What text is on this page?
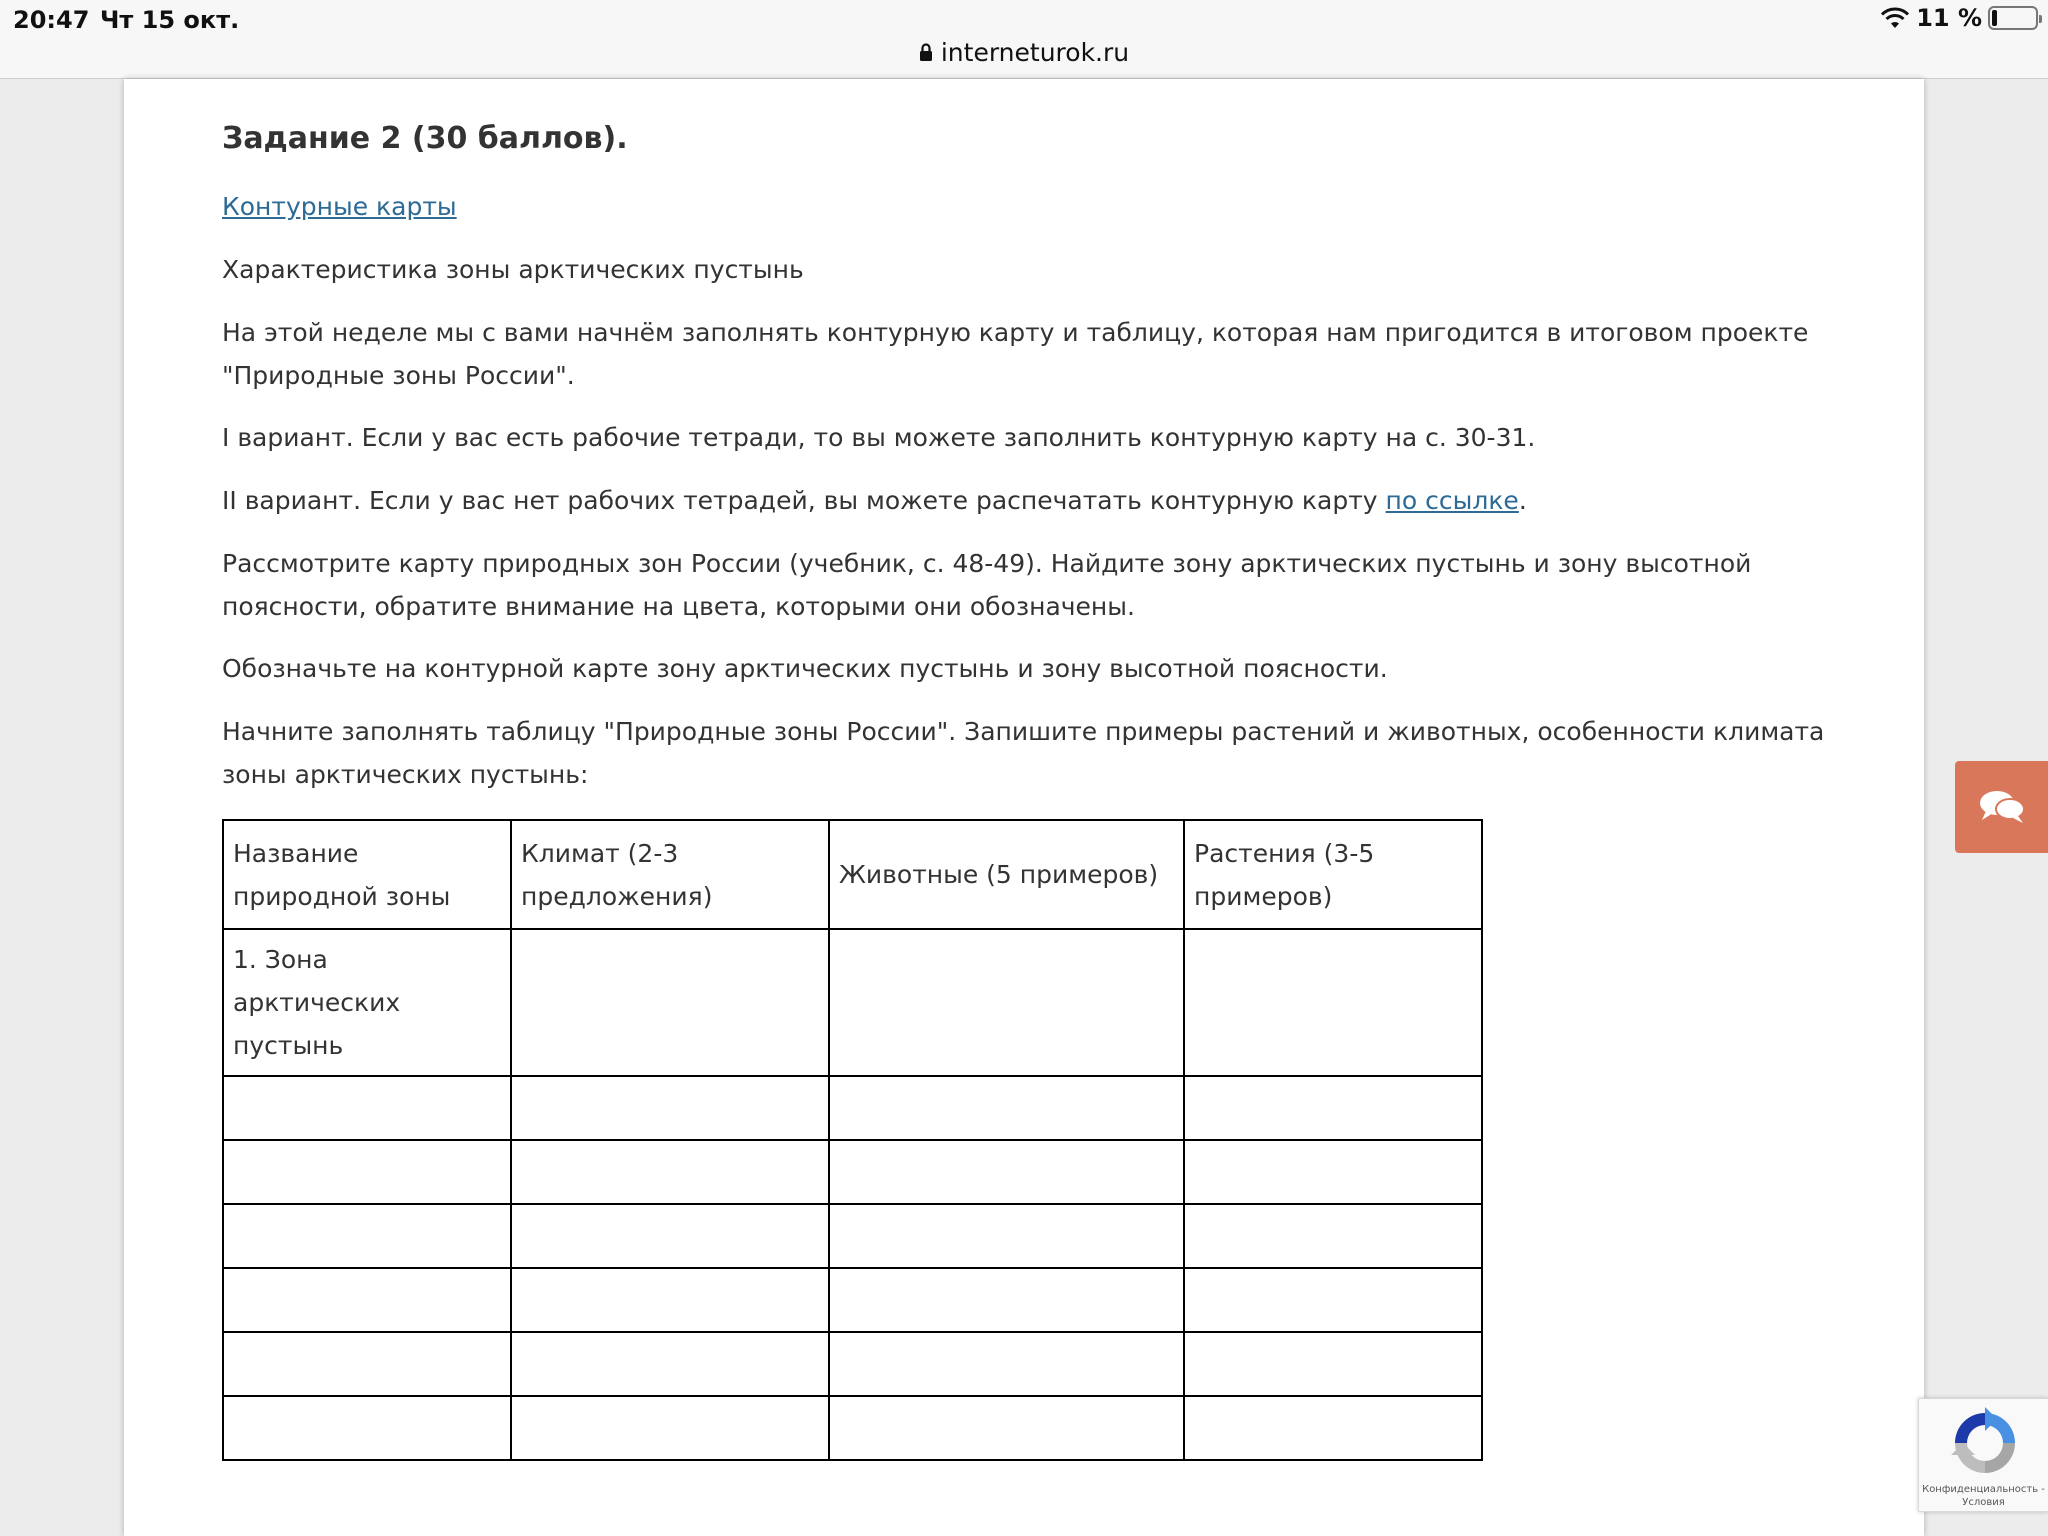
20:47 Чт 15 окт.	11 %
interneturok.ru
Задание 2 (30 баллов).
Контурные карты
Характеристика зоны арктических пустынь
На этой неделе мы с вами начнём заполнять контурную карту и таблицу, которая нам пригодится в итоговом проекте "Природные зоны России".
I вариант. Если у вас есть рабочие тетради, то вы можете заполнить контурную карту на с. 30-31.
II вариант. Если у вас нет рабочих тетрадей, вы можете распечатать контурную карту по ссылке.
Рассмотрите карту природных зон России (учебник, с. 48-49). Найдите зону арктических пустынь и зону высотной поясности, обратите внимание на цвета, которыми они обозначены.
Обозначьте на контурной карте зону арктических пустынь и зону высотной поясности.
Начните заполнять таблицу "Природные зоны России". Запишите примеры растений и животных, особенности климата зоны арктических пустынь:
Название природной зоны	Климат (2-3 предложения)	Животные (5 примеров)	Растения (3-5 примеров)
1. Зона арктических пустынь			

Конфиденциальность -
Условия
